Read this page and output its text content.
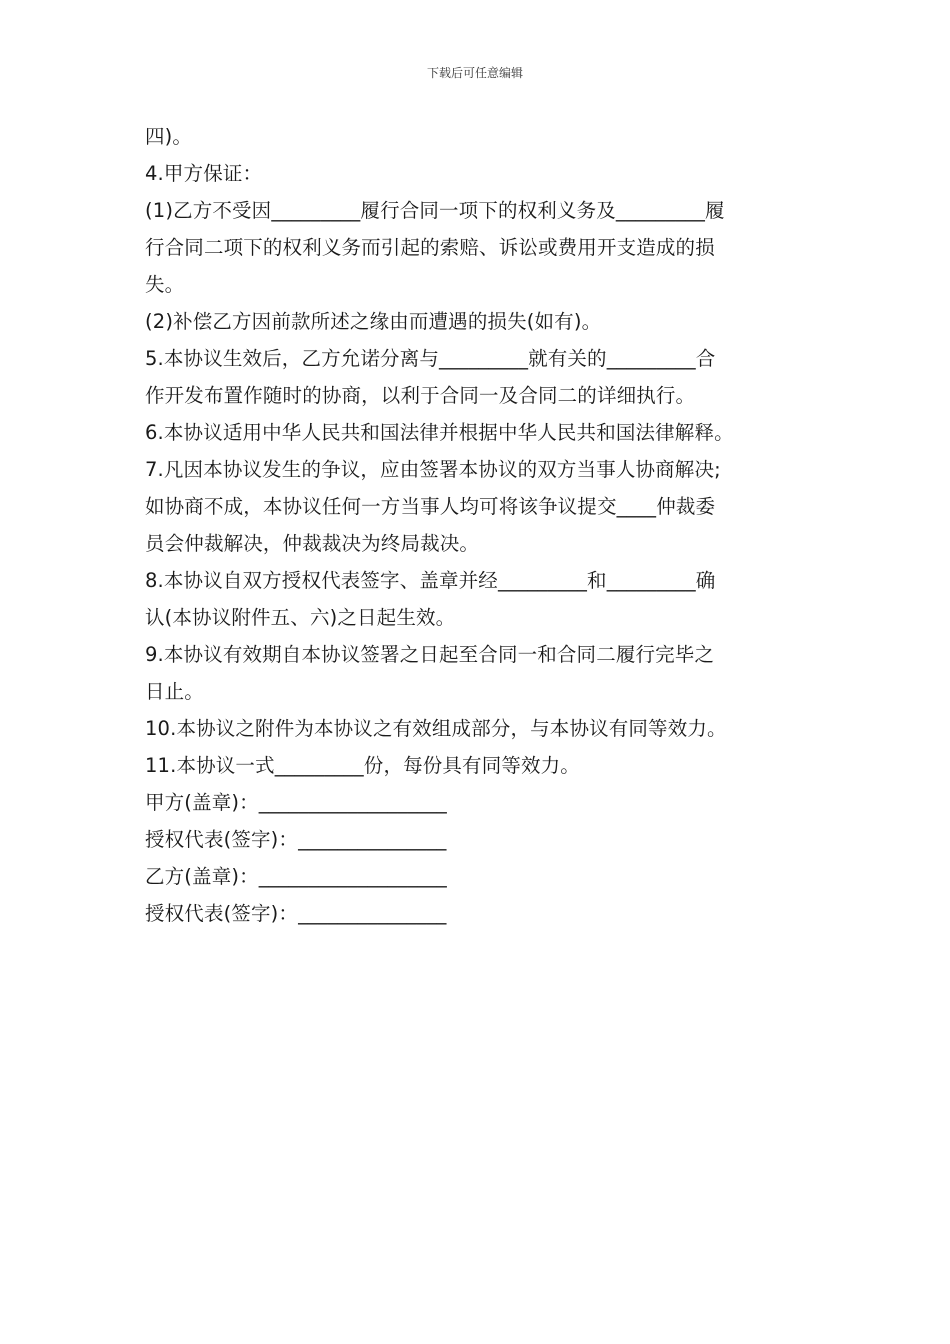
下载后可任意编辑
四)。
4.甲方保证：
(1)乙方不受因_________履行合同一项下的权利义务及_________履
行合同二项下的权利义务而引起的索赔、诉讼或费用开支造成的损
失。
(2)补偿乙方因前款所述之缘由而遭遇的损失(如有)。
5.本协议生效后，乙方允诺分离与_________就有关的_________合
作开发布置作随时的协商，以利于合同一及合同二的详细执行。
6.本协议适用中华人民共和国法律并根据中华人民共和国法律解释。
7.凡因本协议发生的争议，应由签署本协议的双方当事人协商解决;
如协商不成，本协议任何一方当事人均可将该争议提交____仲裁委
员会仲裁解决，仲裁裁决为终局裁决。
8.本协议自双方授权代表签字、盖章并经_________和_________确
认(本协议附件五、六)之日起生效。
9.本协议有效期自本协议签署之日起至合同一和合同二履行完毕之
日止。
10.本协议之附件为本协议之有效组成部分，与本协议有同等效力。
11.本协议一式_________份，每份具有同等效力。
甲方(盖章)：___________________
授权代表(签字)：_______________
乙方(盖章)：___________________
授权代表(签字)：_______________
